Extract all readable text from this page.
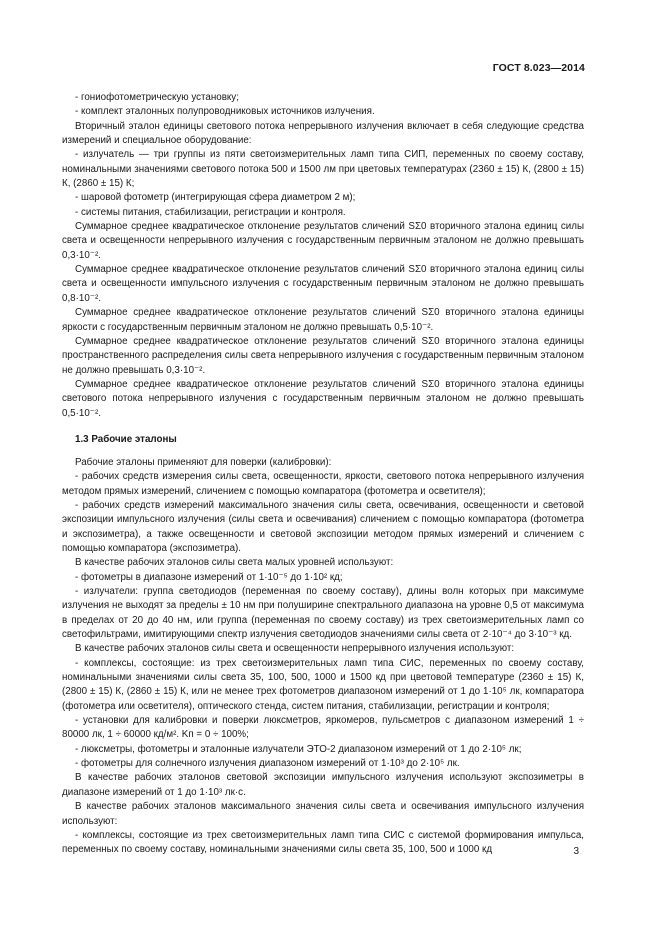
ГОСТ 8.023—2014

- гониофотометрическую установку;

- комплект эталонных полупроводниковых источников излучения.

Вторичный эталон единицы светового потока непрерывного излучения включает в себя следующие средства измерений и специальное оборудование:

- излучатель — три группы из пяти светоизмерительных ламп типа СИП, переменных по своему составу, номинальными значениями светового потока 500 и 1500 лм при цветовых температурах (2360 ± 15) К, (2800 ± 15) К, (2860 ± 15) К;

- шаровой фотометр (интегрирующая сфера диаметром 2 м);

- системы питания, стабилизации, регистрации и контроля.

Суммарное среднее квадратическое отклонение результатов сличений SΣ0 вторичного эталона единиц силы света и освещенности непрерывного излучения с государственным первичным эталоном не должно превышать 0,3·10⁻².

Суммарное среднее квадратическое отклонение результатов сличений SΣ0 вторичного эталона единиц силы света и освещенности импульсного излучения с государственным первичным эталоном не должно превышать 0,8·10⁻².

Суммарное среднее квадратическое отклонение результатов сличений SΣ0 вторичного эталона единицы яркости с государственным первичным эталоном не должно превышать 0,5·10⁻².

Суммарное среднее квадратическое отклонение результатов сличений SΣ0 вторичного эталона единицы пространственного распределения силы света непрерывного излучения с государственным первичным эталоном не должно превышать 0,3·10⁻².

Суммарное среднее квадратическое отклонение результатов сличений SΣ0 вторичного эталона единицы светового потока непрерывного излучения с государственным первичным эталоном не должно превышать 0,5·10⁻².

1.3 Рабочие эталоны

Рабочие эталоны применяют для поверки (калибровки):

- рабочих средств измерения силы света, освещенности, яркости, светового потока непрерывного излучения методом прямых измерений, сличением с помощью компаратора (фотометра и осветителя);

- рабочих средств измерений максимального значения силы света, освечивания, освещенности и световой экспозиции импульсного излучения (силы света и освечивания) сличением с помощью компаратора (фотометра и экспозиметра), а также освещенности и световой экспозиции методом прямых измерений и сличением с помощью компаратора (экспозиметра).

В качестве рабочих эталонов силы света малых уровней используют:

- фотометры в диапазоне измерений от 1·10⁻⁵ до 1·10² кд;

- излучатели: группа светодиодов (переменная по своему составу), длины волн которых при максимуме излучения не выходят за пределы ± 10 нм при полуширине спектрального диапазона на уровне 0,5 от максимума в пределах от 20 до 40 нм, или группа (переменная по своему составу) из трех светоизмерительных ламп со светофильтрами, имитирующими спектр излучения светодиодов значениями силы света от 2·10⁻⁴ до 3·10⁻³ кд.

В качестве рабочих эталонов силы света и освещенности непрерывного излучения используют:

- комплексы, состоящие: из трех светоизмерительных ламп типа СИС, переменных по своему составу, номинальными значениями силы света 35, 100, 500, 1000 и 1500 кд при цветовой температуре (2360 ± 15) К, (2800 ± 15) К, (2860 ± 15) К, или не менее трех фотометров диапазоном измерений от 1 до 1·10⁵ лк, компаратора (фотометра или осветителя), оптического стенда, систем питания, стабилизации, регистрации и контроля;

- установки для калибровки и поверки люксметров, яркомеров, пульсметров с диапазоном измерений 1 ÷ 80000 лк, 1 ÷ 60000 кд/м². Kп = 0 ÷ 100%;

- люксметры, фотометры и эталонные излучатели ЭТО-2 диапазоном измерений от 1 до 2·10⁵ лк;

- фотометры для солнечного излучения диапазоном измерений от 1·10³ до 2·10⁵ лк.

В качестве рабочих эталонов световой экспозиции импульсного излучения используют экспозиметры в диапазоне измерений от 1 до 1·10³ лк·с.

В качестве рабочих эталонов максимального значения силы света и освечивания импульсного излучения используют:

- комплексы, состоящие из трех светоизмерительных ламп типа СИС с системой формирования импульса, переменных по своему составу, номинальными значениями силы света 35, 100, 500 и 1000 кд	3
